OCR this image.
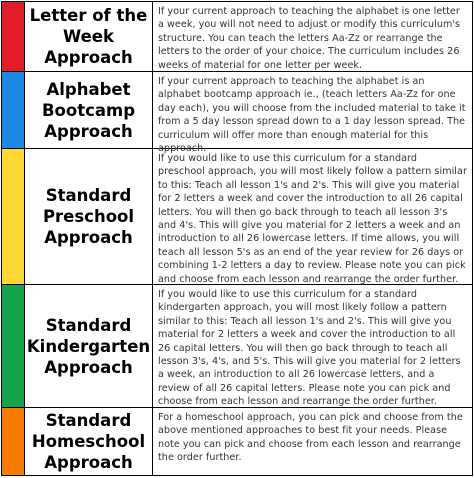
Letter of the
Week
Approach
If your current approach to teaching the alphabet is one letter a week, you will not need to adjust or modify this curriculum's structure. You can teach the letters Aa-Zz or rearrange the letters to the order of your choice. The curriculum includes 26 weeks of material for one letter per week.
Alphabet
Bootcamp
Approach
If your current approach to teaching the alphabet is an alphabet bootcamp approach ie., (teach letters Aa-Zz for one day each), you will choose from the included material to take it from a 5 day lesson spread down to a 1 day lesson spread. The curriculum will offer more than enough material for this approach.
Standard
Preschool
Approach
If you would like to use this curriculum for a standard preschool approach, you will most likely follow a pattern similar to this: Teach all lesson 1's and 2's. This will give you material for 2 letters a week and cover the introduction to all 26 capital letters. You will then go back through to teach all lesson 3's and 4's. This will give you material for 2 letters a week and an introduction to all 26 lowercase letters. If time allows, you will teach all lesson 5's as an end of the year review for 26 days or combining 1-2 letters a day to review. Please note you can pick and choose from each lesson and rearrange the order further.
Standard
Kindergarten
Approach
If you would like to use this curriculum for a standard kindergarten approach, you will most likely follow a pattern similar to this: Teach all lesson 1's and 2's. This will give you material for 2 letters a week and cover the introduction to all 26 capital letters. You will then go back through to teach all lesson 3's, 4's, and 5's. This will give you material for 2 letters a week, an introduction to all 26 lowercase letters, and a review of all 26 capital letters. Please note you can pick and choose from each lesson and rearrange the order further.
Standard
Homeschool
Approach
For a homeschool approach, you can pick and choose from the above mentioned approaches to best fit your needs. Please note you can pick and choose from each lesson and rearrange the order further.
